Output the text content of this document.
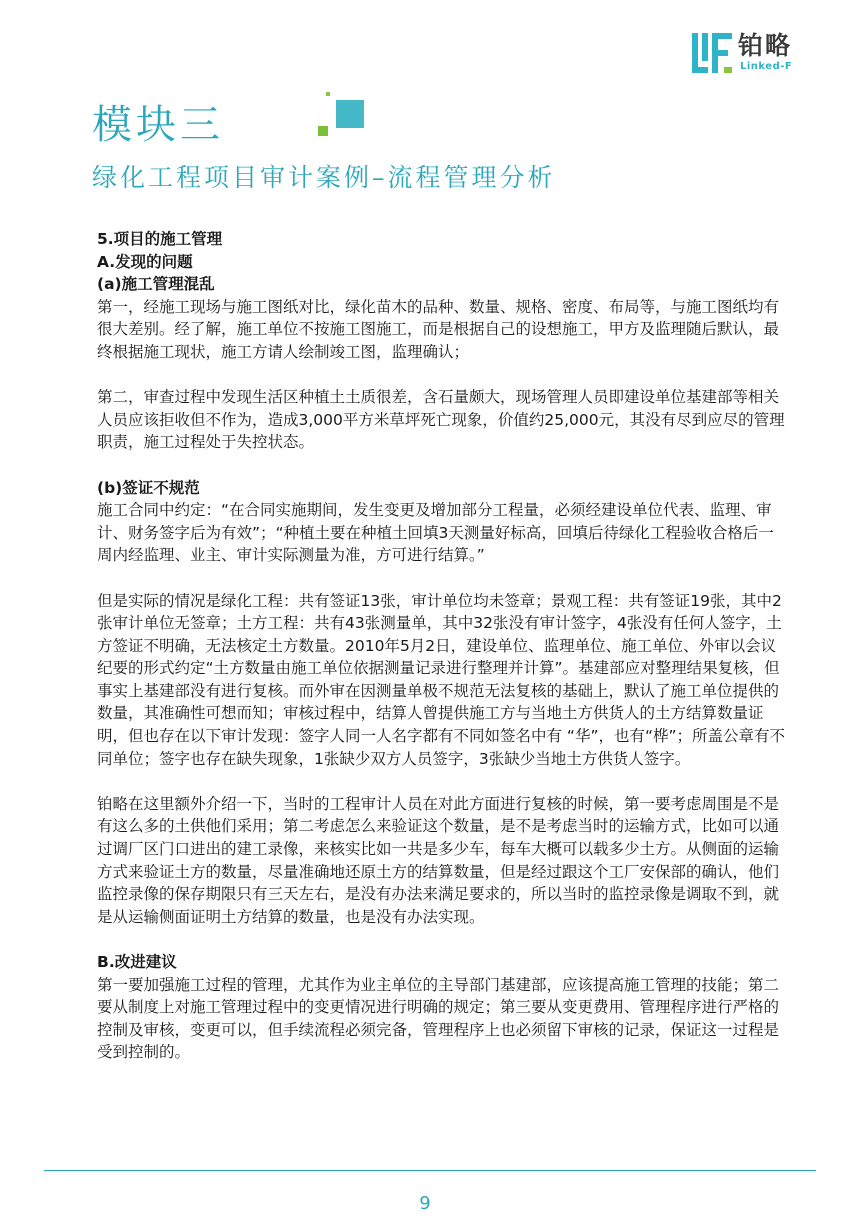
铂略
Linked-F
模块三
绿化工程项目审计案例–流程管理分析

5.项目的施工管理

A.发现的问题

(a)施工管理混乱

第一，经施工现场与施工图纸对比，绿化苗木的品种、数量、规格、密度、布局等，与施工图纸均有很大差别。经了解，施工单位不按施工图施工，而是根据自己的设想施工，甲方及监理随后默认，最终根据施工现状，施工方请人绘制竣工图，监理确认；

第二，审查过程中发现生活区种植土土质很差，含石量颇大，现场管理人员即建设单位基建部等相关人员应该拒收但不作为，造成3,000平方米草坪死亡现象，价值约25,000元，其没有尽到应尽的管理职责，施工过程处于失控状态。

(b)签证不规范

施工合同中约定：“在合同实施期间，发生变更及增加部分工程量，必须经建设单位代表、监理、审计、财务签字后为有效”；“种植土要在种植土回填3天测量好标高，回填后待绿化工程验收合格后一周内经监理、业主、审计实际测量为准，方可进行结算。”

但是实际的情况是绿化工程：共有签证13张，审计单位均未签章；景观工程：共有签证19张，其中2张审计单位无签章；土方工程：共有43张测量单，其中32张没有审计签字，4张没有任何人签字，土方签证不明确，无法核定土方数量。2010年5月2日，建设单位、监理单位、施工单位、外审以会议纪要的形式约定“土方数量由施工单位依据测量记录进行整理并计算”。基建部应对整理结果复核，但事实上基建部没有进行复核。而外审在因测量单极不规范无法复核的基础上，默认了施工单位提供的数量，其准确性可想而知；审核过程中，结算人曾提供施工方与当地土方供货人的土方结算数量证明，但也存在以下审计发现：签字人同一人名字都有不同如签名中有 “华”，也有“桦”；所盖公章有不同单位；签字也存在缺失现象，1张缺少双方人员签字，3张缺少当地土方供货人签字。

铂略在这里额外介绍一下，当时的工程审计人员在对此方面进行复核的时候，第一要考虑周围是不是有这么多的土供他们采用；第二考虑怎么来验证这个数量，是不是考虑当时的运输方式，比如可以通过调厂区门口进出的建工录像，来核实比如一共是多少车，每车大概可以载多少土方。从侧面的运输方式来验证土方的数量，尽量准确地还原土方的结算数量，但是经过跟这个工厂安保部的确认，他们监控录像的保存期限只有三天左右，是没有办法来满足要求的，所以当时的监控录像是调取不到，就是从运输侧面证明土方结算的数量，也是没有办法实现。

B.改进建议

第一要加强施工过程的管理，尤其作为业主单位的主导部门基建部，应该提高施工管理的技能；第二要从制度上对施工管理过程中的变更情况进行明确的规定；第三要从变更费用、管理程序进行严格的控制及审核，变更可以，但手续流程必须完备，管理程序上也必须留下审核的记录，保证这一过程是受到控制的。

9
